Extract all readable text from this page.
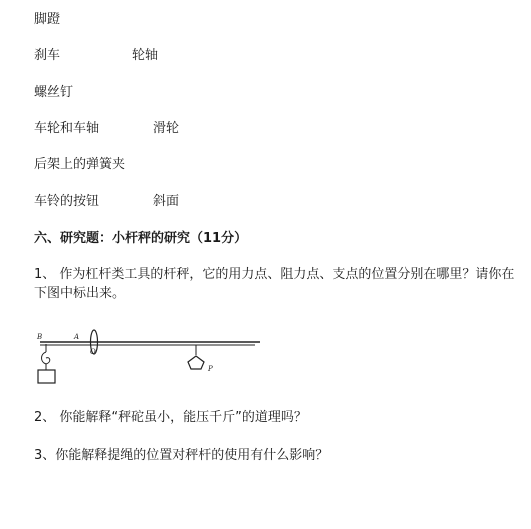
脚蹬
刹车	轮轴
螺丝钉
车轮和车轴	滑轮
后架上的弹簧夹
车铃的按钮	斜面
六、研究题：小杆秤的研究（11分）
1、 作为杠杆类工具的杆秤，它的用力点、阻力点、支点的位置分别在哪里？请你在下图中标出来。
B	A
O
P
2、 你能解释“秤砣虽小，能压千斤”的道理吗？
3、你能解释提绳的位置对秤杆的使用有什么影响？
